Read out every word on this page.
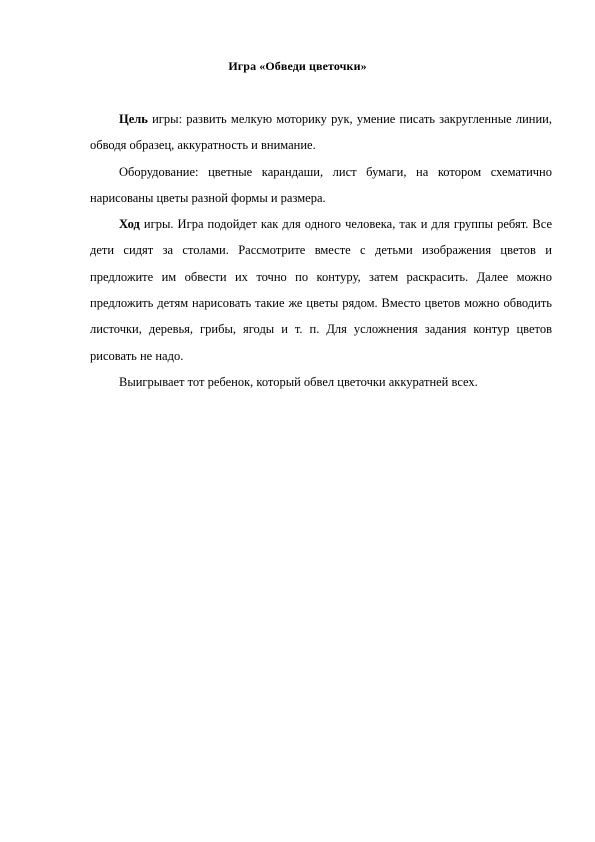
Игра «Обведи цветочки»

Цель игры: развить мелкую моторику рук, умение писать закругленные линии, обводя образец, аккуратность и внимание.

Оборудование: цветные карандаши, лист бумаги, на котором схематично нарисованы цветы разной формы и размера.

Ход игры. Игра подойдет как для одного человека, так и для группы ребят. Все дети сидят за столами. Рассмотрите вместе с детьми изображения цветов и предложите им обвести их точно по контуру, затем раскрасить. Далее можно предложить детям нарисовать такие же цветы рядом. Вместо цветов можно обводить листочки, деревья, грибы, ягоды и т. п. Для усложнения задания контур цветов рисовать не надо.

Выигрывает тот ребенок, который обвел цветочки аккуратней всех.
